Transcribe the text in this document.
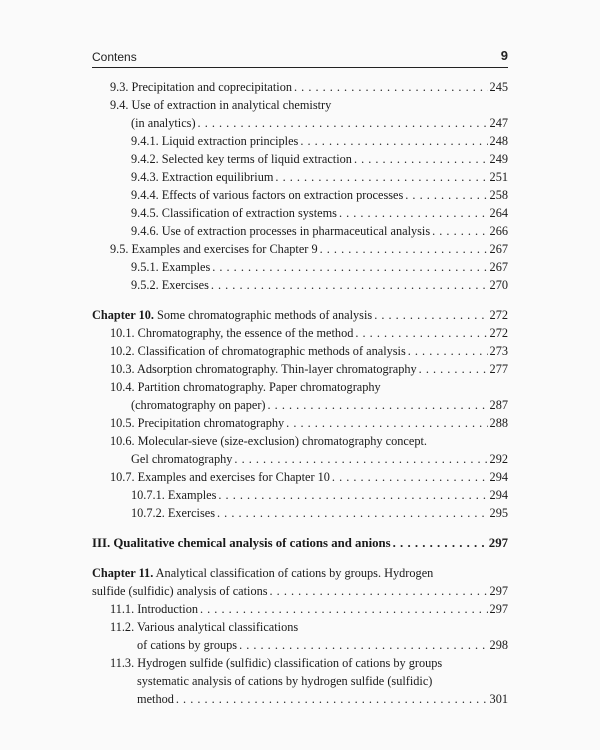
Contens	9
9.3. Precipitation and coprecipitation . . .	245
9.4. Use of extraction in analytical chemistry
(in analytics) . . .	247
9.4.1. Liquid extraction principles . . .	248
9.4.2. Selected key terms of liquid extraction . . .	249
9.4.3. Extraction equilibrium . . .	251
9.4.4. Effects of various factors on extraction processes . . .	258
9.4.5. Classification of extraction systems . . .	264
9.4.6. Use of extraction processes in pharmaceutical analysis . . .	266
9.5. Examples and exercises for Chapter 9 . . .	267
9.5.1. Examples . . .	267
9.5.2. Exercises . . .	270
Chapter 10. Some chromatographic methods of analysis . . .	272
10.1. Chromatography, the essence of the method . . .	272
10.2. Classification of chromatographic methods of analysis . . .	273
10.3. Adsorption chromatography. Thin-layer chromatography . . .	277
10.4. Partition chromatography. Paper chromatography
(chromatography on paper) . . .	287
10.5. Precipitation chromatography . . .	288
10.6. Molecular-sieve (size-exclusion) chromatography concept.
Gel chromatography . . .	292
10.7. Examples and exercises for Chapter 10 . . .	294
10.7.1. Examples . . .	294
10.7.2. Exercises . . .	295
III. Qualitative chemical analysis of cations and anions . . .	297
Chapter 11. Analytical classification of cations by groups. Hydrogen
sulfide (sulfidic) analysis of cations . . .	297
11.1. Introduction . . .	297
11.2. Various analytical classifications
of cations by groups . . .	298
11.3. Hydrogen sulfide (sulfidic) classification of cations by groups
systematic analysis of cations by hydrogen sulfide (sulfidic)
method . . .	301
